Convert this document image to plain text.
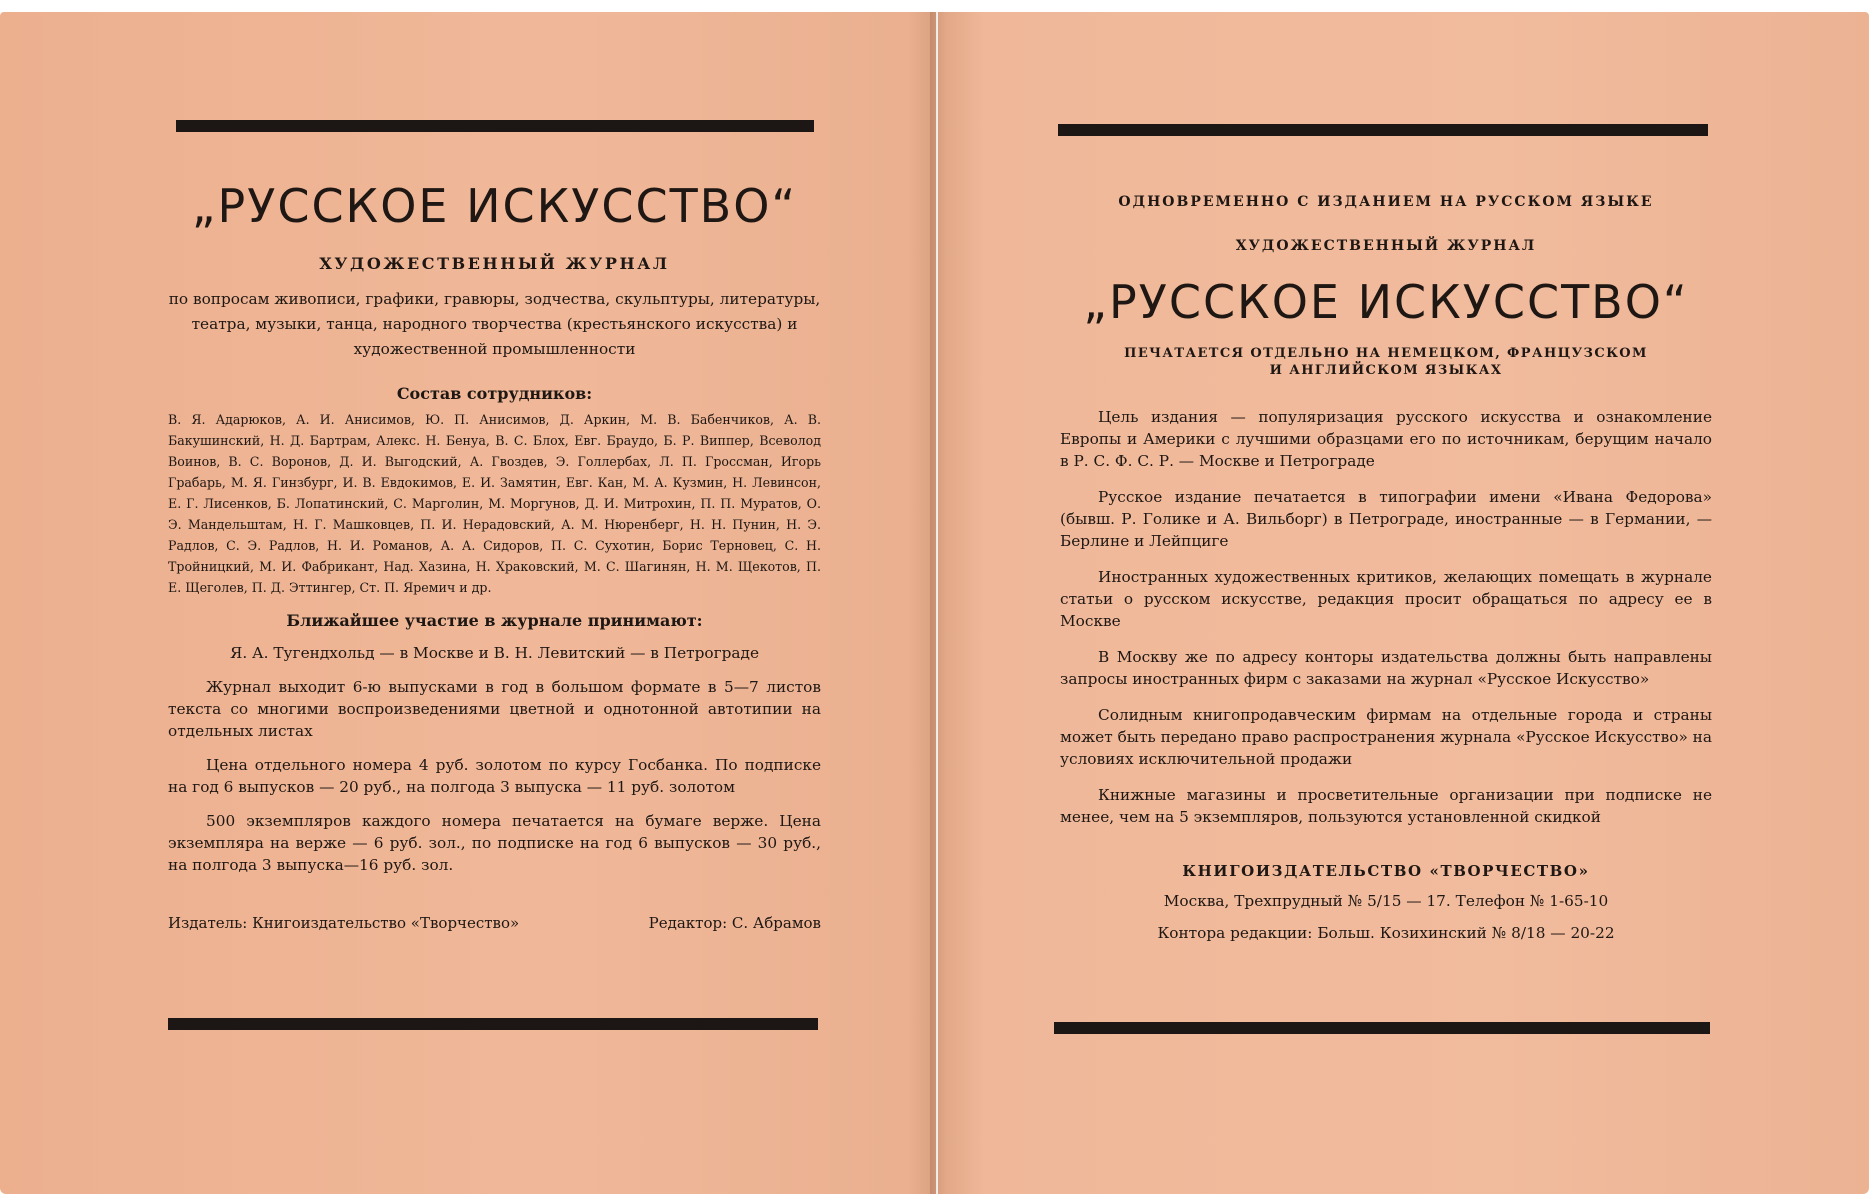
„РУССКОЕ ИСКУССТВО“
ХУДОЖЕСТВЕННЫЙ ЖУРНАЛ

по вопросам живописи, графики, гравюры, зодчества, скульптуры, литературы, театра, музыки, танца, народного творчества (крестьянского искусства) и художественной промышленности

Состав сотрудников:

В. Я. Адарюков, А. И. Анисимов, Ю. П. Анисимов, Д. Аркин, М. В. Бабенчиков, А. В. Бакушинский, Н. Д. Бартрам, Алекс. Н. Бенуа, В. С. Блох, Евг. Браудо, Б. Р. Виппер, Всеволод Воинов, В. С. Воронов, Д. И. Выгодский, А. Гвоздев, Э. Голлербах, Л. П. Гроссман, Игорь Грабарь, М. Я. Гинзбург, И. В. Евдокимов, Е. И. Замятин, Евг. Кан, М. А. Кузмин, Н. Левинсон, Е. Г. Лисенков, Б. Лопатинский, С. Марголин, М. Моргунов, Д. И. Митрохин, П. П. Муратов, О. Э. Мандельштам, Н. Г. Машковцев, П. И. Нерадовский, А. М. Нюренберг, Н. Н. Пунин, Н. Э. Радлов, С. Э. Радлов, Н. И. Романов, А. А. Сидоров, П. С. Сухотин, Борис Терновец, С. Н. Тройницкий, М. И. Фабрикант, Над. Хазина, Н. Храковский, М. С. Шагинян, Н. М. Щекотов, П. Е. Щеголев, П. Д. Эттингер, Ст. П. Яремич и др.

Ближайшее участие в журнале принимают:

Я. А. Тугендхольд — в Москве и В. Н. Левитский — в Петрограде

Журнал выходит 6-ю выпусками в год в большом формате в 5—7 листов текста со многими воспроизведениями цветной и однотонной автотипии на отдельных листах

Цена отдельного номера 4 руб. золотом по курсу Госбанка. По подписке на год 6 выпусков — 20 руб., на полгода 3 выпуска — 11 руб. золотом

500 экземпляров каждого номера печатается на бумаге верже. Цена экземпляра на верже — 6 руб. зол., по подписке на год 6 выпусков — 30 руб., на полгода 3 выпуска—16 руб. зол.

Издатель: Книгоиздательство «Творчество»	Редактор: С. Абрамов
ОДНОВРЕМЕННО С ИЗДАНИЕМ НА РУССКОМ ЯЗЫКЕ
ХУДОЖЕСТВЕННЫЙ ЖУРНАЛ
„РУССКОЕ ИСКУССТВО“
ПЕЧАТАЕТСЯ ОТДЕЛЬНО НА НЕМЕЦКОМ, ФРАНЦУЗСКОМ
И АНГЛИЙСКОМ ЯЗЫКАХ

Цель издания — популяризация русского искусства и ознакомление Европы и Америки с лучшими образцами его по источникам, берущим начало в Р. С. Ф. С. Р. — Москве и Петрограде

Русское издание печатается в типографии имени «Ивана Федорова» (бывш. Р. Голике и А. Вильборг) в Петрограде, иностранные — в Германии, — Берлине и Лейпциге

Иностранных художественных критиков, желающих помещать в журнале статьи о русском искусстве, редакция просит обращаться по адресу ее в Москве

В Москву же по адресу конторы издательства должны быть направлены запросы иностранных фирм с заказами на журнал «Русское Искусство»

Солидным книгопродавческим фирмам на отдельные города и страны может быть передано право распространения журнала «Русское Искусство» на условиях исключительной продажи

Книжные магазины и просветительные организации при подписке не менее, чем на 5 экземпляров, пользуются установленной скидкой

КНИГОИЗДАТЕЛЬСТВО «ТВОРЧЕСТВО»
Москва, Трехпрудный № 5/15 — 17. Телефон № 1-65-10
Контора редакции: Больш. Козихинский № 8/18 — 20-22
